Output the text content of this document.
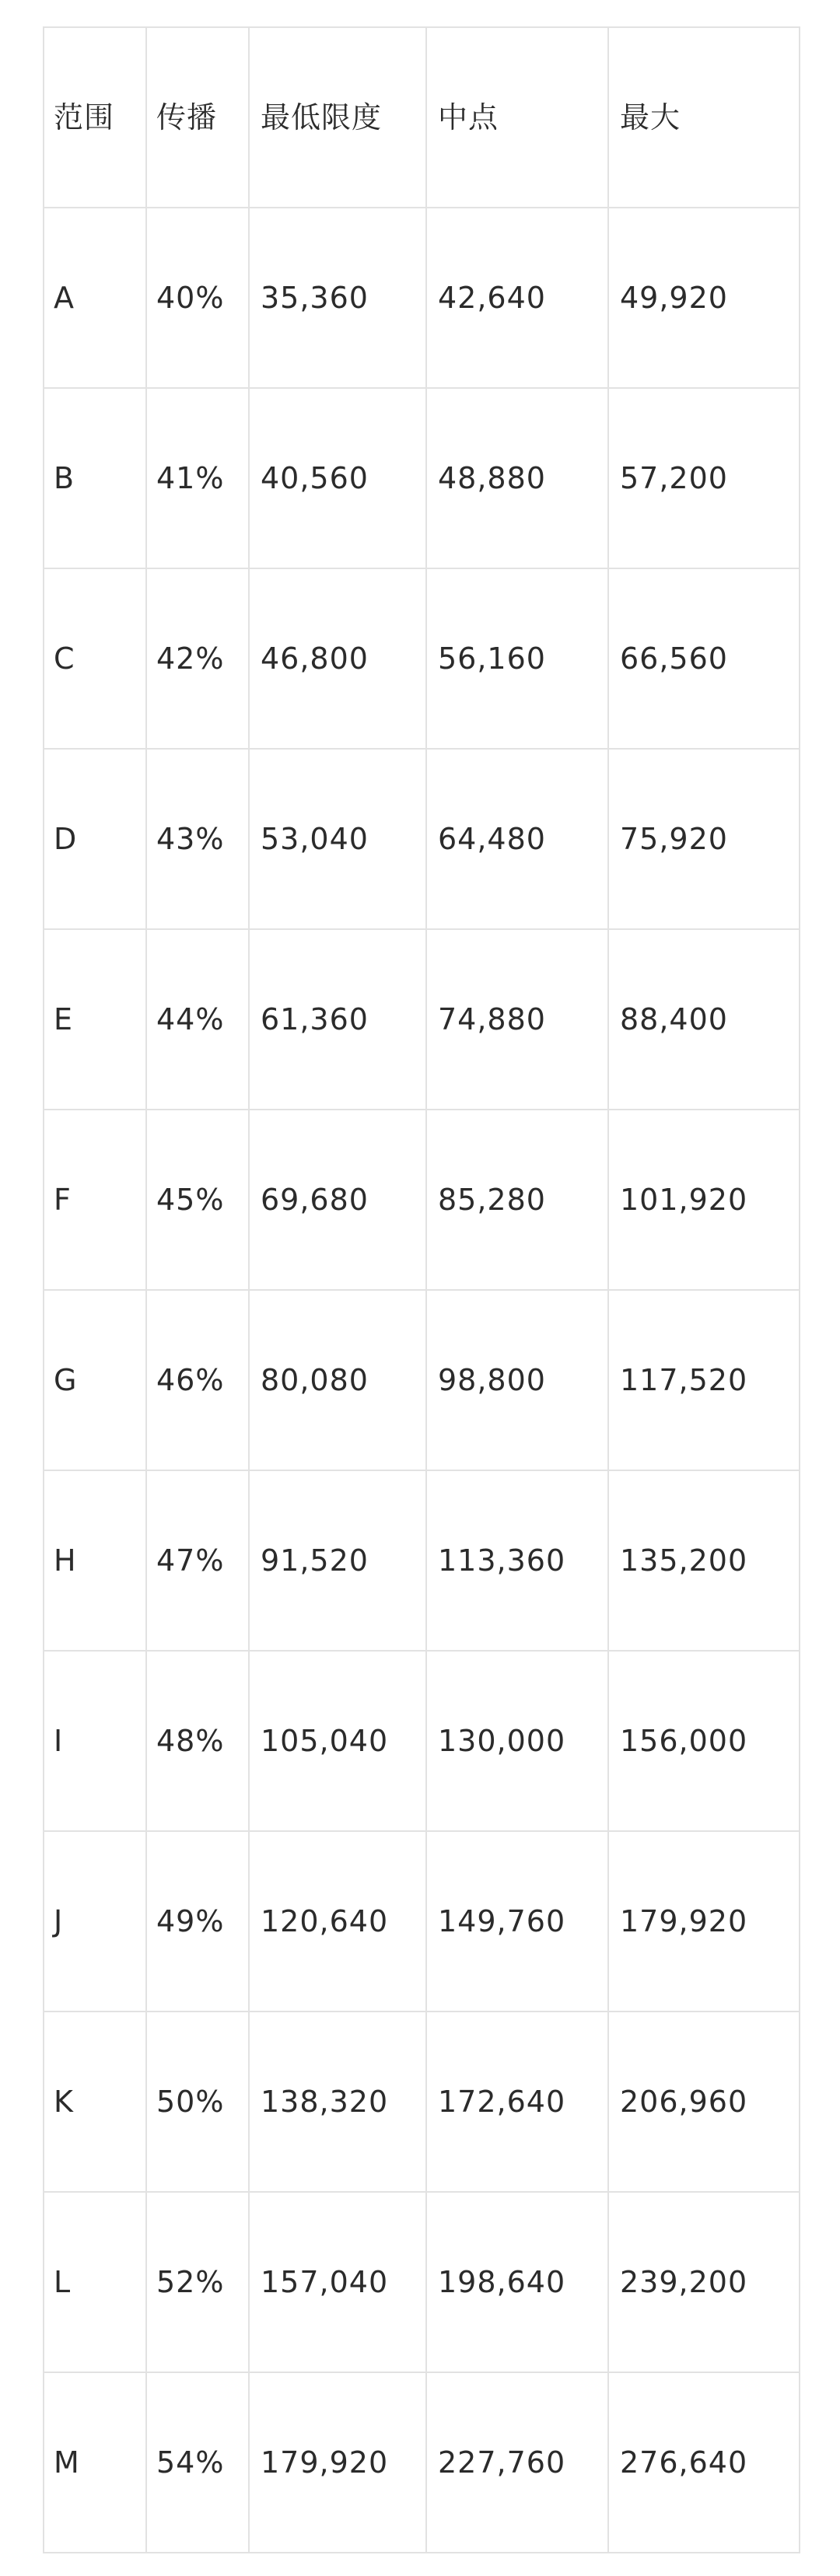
范围	传播	最低限度	中点	最大
A	40%	35,360	42,640	49,920
B	41%	40,560	48,880	57,200
C	42%	46,800	56,160	66,560
D	43%	53,040	64,480	75,920
E	44%	61,360	74,880	88,400
F	45%	69,680	85,280	101,920
G	46%	80,080	98,800	117,520
H	47%	91,520	113,360	135,200
I	48%	105,040	130,000	156,000
J	49%	120,640	149,760	179,920
K	50%	138,320	172,640	206,960
L	52%	157,040	198,640	239,200
M	54%	179,920	227,760	276,640
